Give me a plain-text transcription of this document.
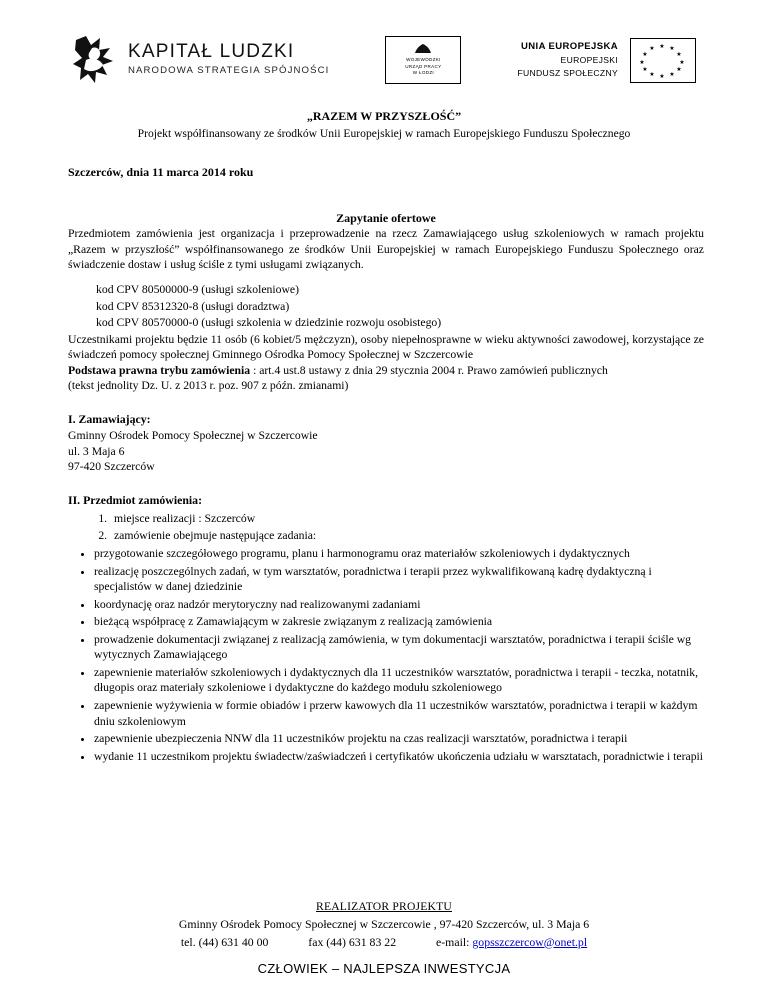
KAPITAŁ LUDZKI
NARODOWA STRATEGIA SPÓJNOŚCI
WOJEWÓDZKI
URZĄD PRACY
W ŁODZI
UNIA EUROPEJSKA
EUROPEJSKI
FUNDUSZ SPOŁECZNY
★
★ ★
★	★
★	★
★	★
★ ★
★
„RAZEM W PRZYSZŁOŚĆ”
Projekt współfinansowany ze środków Unii Europejskiej w ramach Europejskiego Funduszu Społecznego
Szczerców, dnia 11 marca 2014 roku
Zapytanie ofertowe

Przedmiotem zamówienia jest organizacja i przeprowadzenie na rzecz Zamawiającego usług szkoleniowych w ramach projektu „Razem w przyszłość” współfinansowanego ze środków Unii Europejskiej w ramach Europejskiego Funduszu Społecznego oraz świadczenie dostaw i usług ściśle z tymi usługami związanych.

kod CPV 80500000-9 (usługi szkoleniowe)
kod CPV 85312320-8 (usługi doradztwa)
kod CPV 80570000-0 (usługi szkolenia w dziedzinie rozwoju osobistego)

Uczestnikami projektu będzie 11 osób (6 kobiet/5 mężczyzn), osoby niepełnosprawne w wieku aktywności zawodowej, korzystające ze świadczeń pomocy społecznej Gminnego Ośrodka Pomocy Społecznej w Szczercowie

Podstawa prawna trybu zamówienia : art.4 ust.8 ustawy z dnia 29 stycznia 2004 r. Prawo zamówień publicznych

(tekst jednolity Dz. U. z 2013 r. poz. 907 z późn. zmianami)

I. Zamawiający:
Gminny Ośrodek Pomocy Społecznej w Szczercowie
ul. 3 Maja 6
97-420 Szczerców
II. Przedmiot zamówienia:
1. miejsce realizacji : Szczerców
2. zamówienie obejmuje następujące zadania:
• przygotowanie szczegółowego programu, planu i harmonogramu oraz materiałów szkoleniowych i dydaktycznych
• realizację poszczególnych zadań, w tym warsztatów, poradnictwa i terapii przez wykwalifikowaną kadrę dydaktyczną i specjalistów w danej dziedzinie
• koordynację oraz nadzór merytoryczny nad realizowanymi zadaniami
• bieżącą współpracę z Zamawiającym w zakresie związanym z realizacją zamówienia
• prowadzenie dokumentacji związanej z realizacją zamówienia, w tym dokumentacji warsztatów, poradnictwa i terapii ściśle wg wytycznych Zamawiającego
• zapewnienie materiałów szkoleniowych i dydaktycznych dla 11 uczestników warsztatów, poradnictwa i terapii - teczka, notatnik, długopis oraz materiały szkoleniowe i dydaktyczne do każdego modułu szkoleniowego
• zapewnienie wyżywienia w formie obiadów i przerw kawowych dla 11 uczestników warsztatów, poradnictwa i terapii w każdym dniu szkoleniowym
• zapewnienie ubezpieczenia NNW dla 11 uczestników projektu na czas realizacji warsztatów, poradnictwa i terapii
• wydanie 11 uczestnikom projektu świadectw/zaświadczeń i certyfikatów ukończenia udziału w warsztatach, poradnictwie i terapii
REALIZATOR PROJEKTU
Gminny Ośrodek Pomocy Społecznej w Szczercowie , 97-420 Szczerców, ul. 3 Maja 6
tel. (44) 631 40 00	fax (44) 631 83 22	e-mail: gopsszczercow@onet.pl
CZŁOWIEK – NAJLEPSZA INWESTYCJA
